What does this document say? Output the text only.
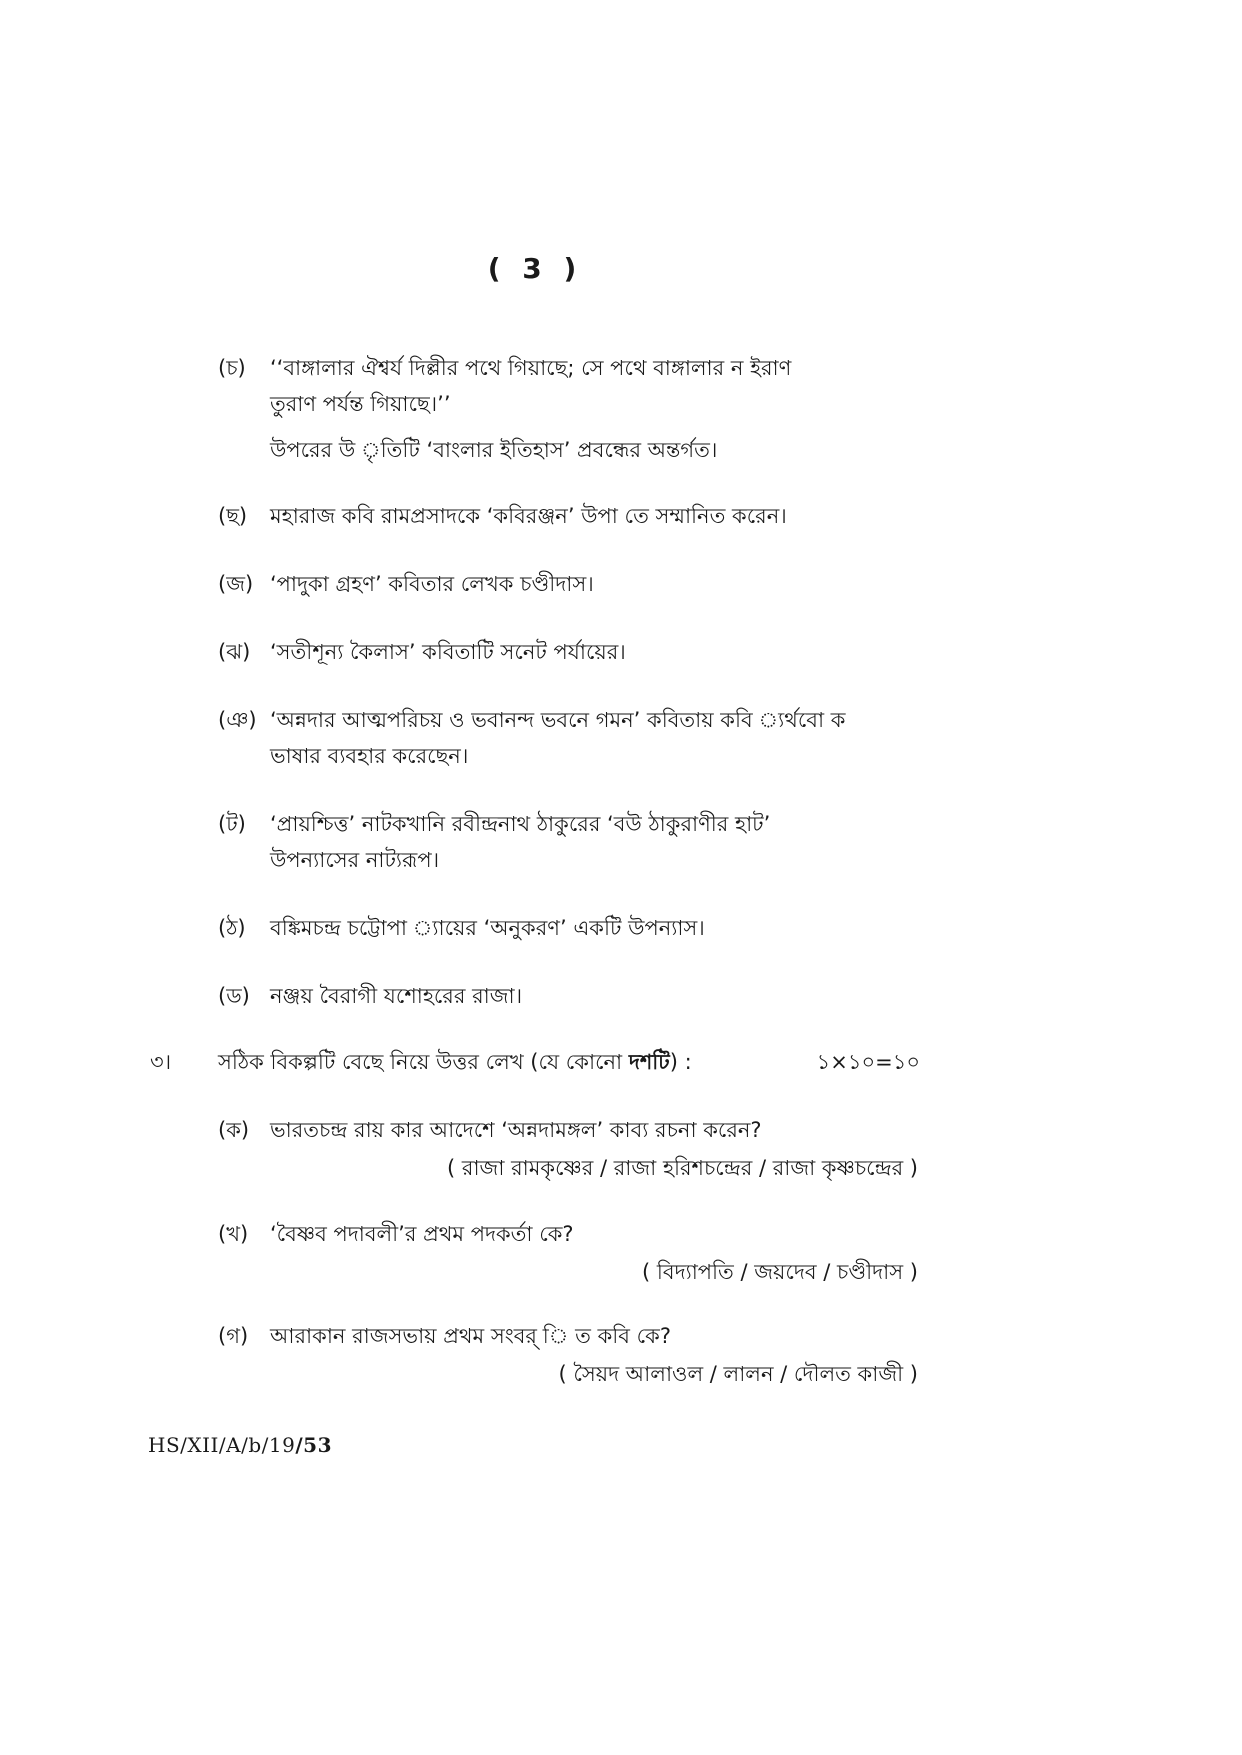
( 3 )
(চ)	‘‘বাঙ্গালার ঐশ্বর্য দিল্লীর পথে গিয়াছে; সে পথে বাঙ্গালার ন ইরাণ
তুরাণ পর্যন্ত গিয়াছে।’’
উপরের উ ৃতিটি ‘বাংলার ইতিহাস’ প্রবন্ধের অন্তর্গত।
(ছ)	মহারাজ কবি রামপ্রসাদকে ‘কবিরঞ্জন’ উপা তে সম্মানিত করেন।
(জ) ‘পাদুকা গ্রহণ’ কবিতার লেখক চণ্ডীদাস।
(ঝ) ‘সতীশূন্য কৈলাস’ কবিতাটি সনেট পর্যায়ের।
(ঞ) ‘অন্নদার আত্মপরিচয় ও ভবানন্দ ভবনে গমন’ কবিতায় কবি ্যর্থবো ক
ভাষার ব্যবহার করেছেন।
(ট)	‘প্রায়শ্চিত্ত’ নাটকখানি রবীন্দ্রনাথ ঠাকুরের ‘বউ ঠাকুরাণীর হাট’
উপন্যাসের নাট্যরূপ।
(ঠ)	বঙ্কিমচন্দ্র চট্টোপা ্যায়ের ‘অনুকরণ’ একটি উপন্যাস।
(ড) নঞ্জয় বৈরাগী যশোহরের রাজা।
৩। সঠিক বিকল্পটি বেছে নিয়ে উত্তর লেখ (যে কোনো দশটি) :	১×১০=১০
(ক) ভারতচন্দ্র রায় কার আদেশে ‘অন্নদামঙ্গল’ কাব্য রচনা করেন?
( রাজা রামকৃষ্ণের / রাজা হরিশচন্দ্রের / রাজা কৃষ্ণচন্দ্রের )
(খ)	‘বৈষ্ণব পদাবলী’র প্রথম পদকর্তা কে?
( বিদ্যাপতি / জয়দেব / চণ্ডীদাস )
(গ)	আরাকান রাজসভায় প্রথম সংবর্ ি ত কবি কে?
( সৈয়দ আলাওল / লালন / দৌলত কাজী )
HS/XII/A/b/19/53
